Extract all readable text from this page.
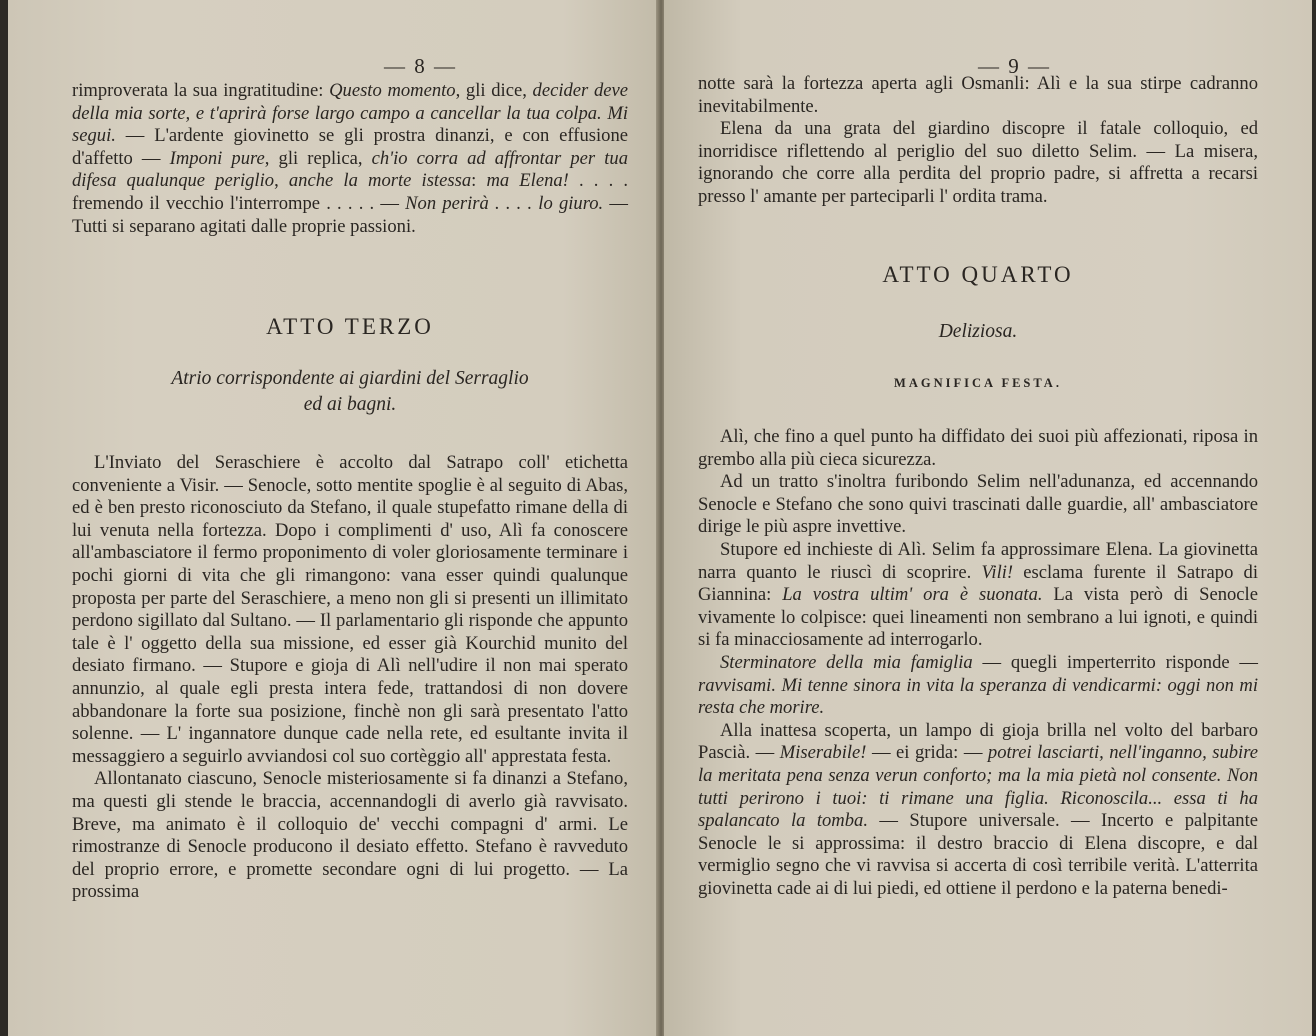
— 8 —
rimproverata la sua ingratitudine: Questo momento, gli dice, decider deve della mia sorte, e t'aprirà forse largo campo a cancellar la tua colpa. Mi segui. — L'ardente giovinetto se gli prostra dinanzi, e con effusione d'affetto — Imponi pure, gli replica, ch'io corra ad affrontar per tua difesa qualunque periglio, anche la morte istessa: ma Elena! . . . . fremendo il vecchio l'interrompe . . . . . — Non perirà . . . . lo giuro. — Tutti si separano agitati dalle proprie passioni.
ATTO TERZO
Atrio corrispondente ai giardini del Serraglio
ed ai bagni.

L'Inviato del Seraschiere è accolto dal Satrapo coll' etichetta conveniente a Visir. — Senocle, sotto mentite spoglie è al seguito di Abas, ed è ben presto riconosciuto da Stefano, il quale stupefatto rimane della di lui venuta nella fortezza. Dopo i complimenti d' uso, Alì fa conoscere all'ambasciatore il fermo proponimento di voler gloriosamente terminare i pochi giorni di vita che gli rimangono: vana esser quindi qualunque proposta per parte del Seraschiere, a meno non gli si presenti un illimitato perdono sigillato dal Sultano. — Il parlamentario gli risponde che appunto tale è l' oggetto della sua missione, ed esser già Kourchid munito del desiato firmano. — Stupore e gioja di Alì nell'udire il non mai sperato annunzio, al quale egli presta intera fede, trattandosi di non dovere abbandonare la forte sua posizione, finchè non gli sarà presentato l'atto solenne. — L' ingannatore dunque cade nella rete, ed esultante invita il messaggiero a seguirlo avviandosi col suo cortèggio all' apprestata festa.

Allontanato ciascuno, Senocle misteriosamente si fa dinanzi a Stefano, ma questi gli stende le braccia, accennandogli di averlo già ravvisato. Breve, ma animato è il colloquio de' vecchi compagni d' armi. Le rimostranze di Senocle producono il desiato effetto. Stefano è ravveduto del proprio errore, e promette secondare ogni di lui progetto. — La prossima

— 9 —

notte sarà la fortezza aperta agli Osmanli: Alì e la sua stirpe cadranno inevitabilmente.

Elena da una grata del giardino discopre il fatale colloquio, ed inorridisce riflettendo al periglio del suo diletto Selim. — La misera, ignorando che corre alla perdita del proprio padre, si affretta a recarsi presso l' amante per parteciparli l' ordita trama.

ATTO QUARTO
Deliziosa.
MAGNIFICA FESTA.

Alì, che fino a quel punto ha diffidato dei suoi più affezionati, riposa in grembo alla più cieca sicurezza.

Ad un tratto s'inoltra furibondo Selim nell'adunanza, ed accennando Senocle e Stefano che sono quivi trascinati dalle guardie, all' ambasciatore dirige le più aspre invettive.

Stupore ed inchieste di Alì. Selim fa approssimare Elena. La giovinetta narra quanto le riuscì di scoprire. Vili! esclama furente il Satrapo di Giannina: La vostra ultim' ora è suonata. La vista però di Senocle vivamente lo colpisce: quei lineamenti non sembrano a lui ignoti, e quindi si fa minacciosamente ad interrogarlo.

Sterminatore della mia famiglia — quegli imperterrito risponde — ravvisami. Mi tenne sinora in vita la speranza di vendicarmi: oggi non mi resta che morire.

Alla inattesa scoperta, un lampo di gioja brilla nel volto del barbaro Pascià. — Miserabile! — ei grida: — potrei lasciarti, nell'inganno, subire la meritata pena senza verun conforto; ma la mia pietà nol consente. Non tutti perirono i tuoi: ti rimane una figlia. Riconoscila... essa ti ha spalancato la tomba. — Stupore universale. — Incerto e palpitante Senocle le si approssima: il destro braccio di Elena discopre, e dal vermiglio segno che vi ravvisa si accerta di così terribile verità. L'atterrita giovinetta cade ai di lui piedi, ed ottiene il perdono e la paterna benedi-
